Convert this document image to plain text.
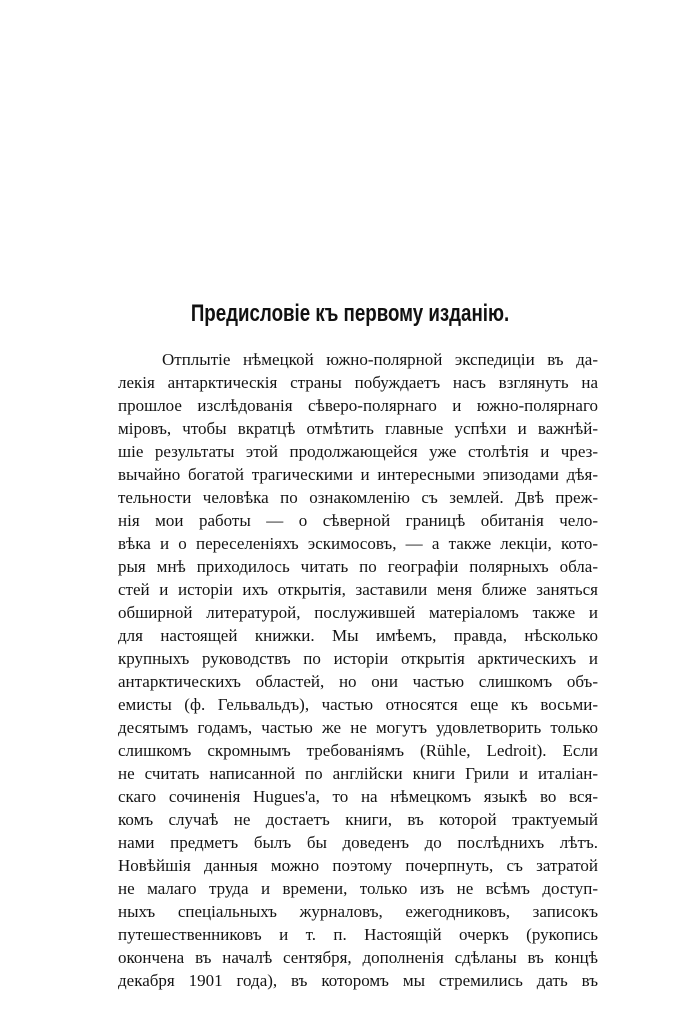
Предисловіе къ первому изданію.
Отплытіе нѣмецкой южно-полярной экспедиціи въ да-
лекія антарктическія страны побуждаетъ насъ взглянуть на
прошлое изслѣдованія сѣверо-полярнаго и южно-полярнаго
міровъ, чтобы вкратцѣ отмѣтить главные успѣхи и важнѣй-
шіе результаты этой продолжающейся уже столѣтія и чрез-
вычайно богатой трагическими и интересными эпизодами дѣя-
тельности человѣка по ознакомленію съ землей. Двѣ преж-
нія мои работы — о сѣверной границѣ обитанія чело-
вѣка и о переселеніяхъ эскимосовъ, — а также лекціи, кото-
рыя мнѣ приходилось читать по географіи полярныхъ обла-
стей и исторіи ихъ открытія, заставили меня ближе заняться
обширной литературой, послужившей матеріаломъ также и
для настоящей книжки. Мы имѣемъ, правда, нѣсколько
крупныхъ руководствъ по исторіи открытія арктическихъ и
антарктическихъ областей, но они частью слишкомъ объ-
емисты (ф. Гельвальдъ), частью относятся еще къ восьми-
десятымъ годамъ, частью же не могутъ удовлетворить только
слишкомъ скромнымъ требованіямъ (Rühle, Ledroit). Если
не считать написанной по англійски книги Грили и италіан-
скаго сочиненія Hugues'а, то на нѣмецкомъ языкѣ во вся-
комъ случаѣ не достаетъ книги, въ которой трактуемый
нами предметъ былъ бы доведенъ до послѣднихъ лѣтъ.
Новѣйшія данныя можно поэтому почерпнуть, съ затратой
не малаго труда и времени, только изъ не всѣмъ доступ-
ныхъ спеціальныхъ журналовъ, ежегодниковъ, записокъ
путешественниковъ и т. п. Настоящій очеркъ (рукопись
окончена въ началѣ сентября, дополненія сдѣланы въ концѣ
декабря 1901 года), въ которомъ мы стремились дать въ
